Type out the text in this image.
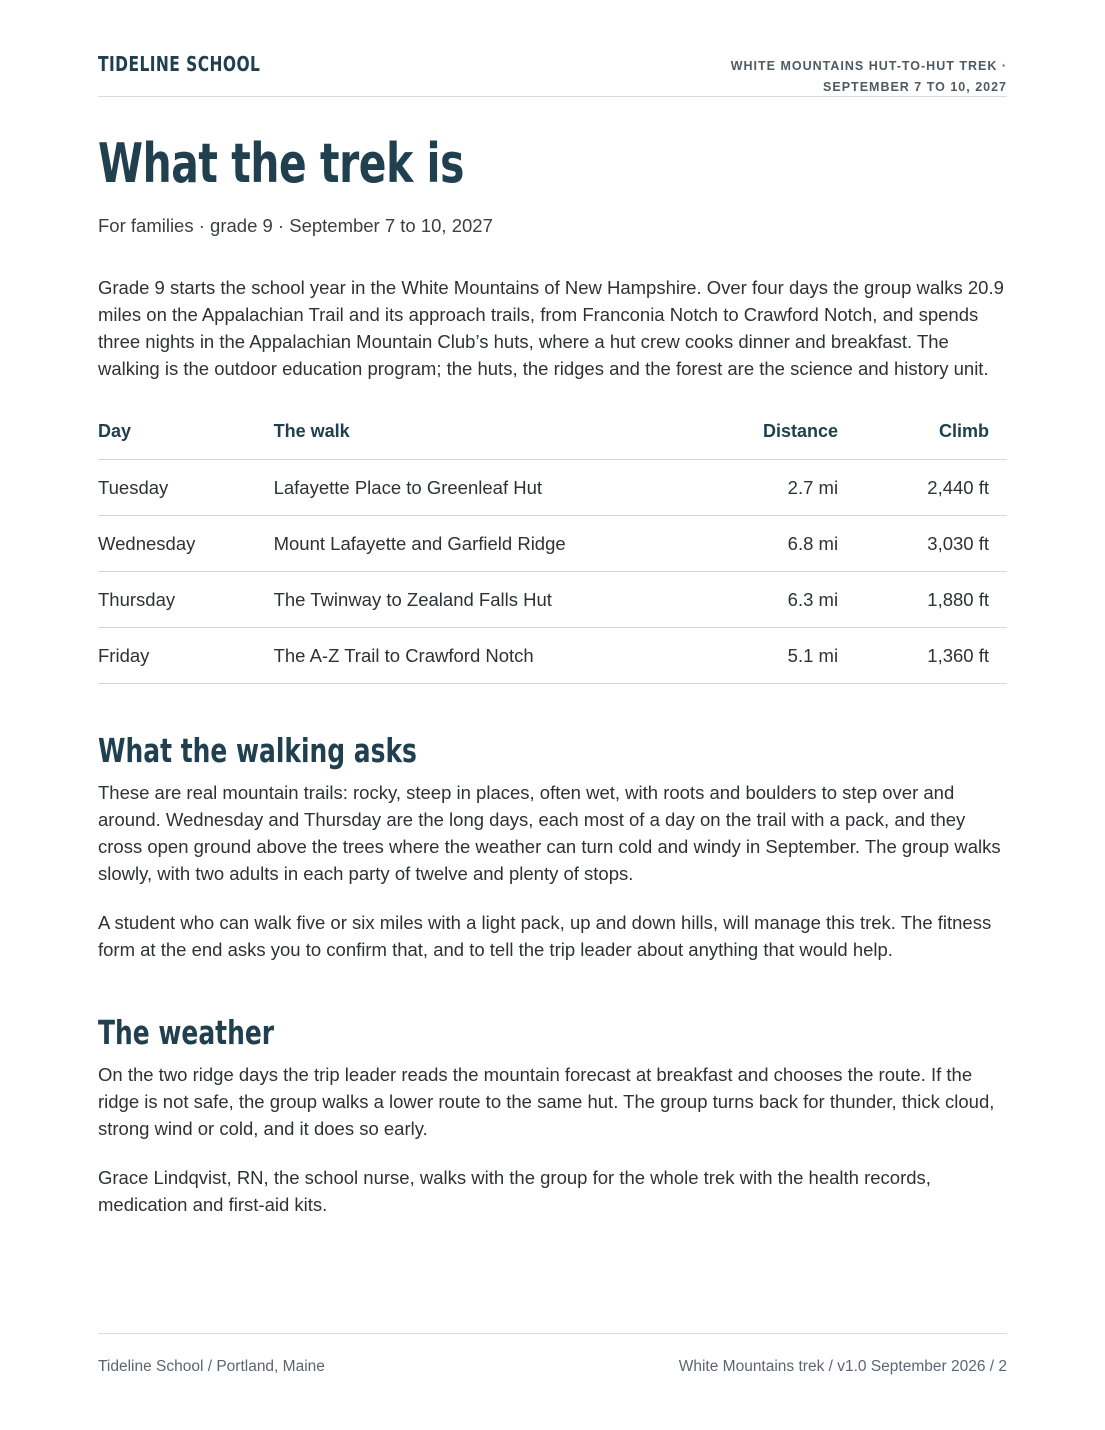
TIDELINE SCHOOL	WHITE MOUNTAINS HUT-TO-HUT TREK ·
SEPTEMBER 7 TO 10, 2027
What the trek is
For families · grade 9 · September 7 to 10, 2027

Grade 9 starts the school year in the White Mountains of New Hampshire. Over four days the group walks 20.9 miles on the Appalachian Trail and its approach trails, from Franconia Notch to Crawford Notch, and spends three nights in the Appalachian Mountain Club’s huts, where a hut crew cooks dinner and breakfast. The walking is the outdoor education program; the huts, the ridges and the forest are the science and history unit.

Day	The walk	Distance	Climb
Tuesday	Lafayette Place to Greenleaf Hut	2.7 mi	2,440 ft
Wednesday	Mount Lafayette and Garfield Ridge	6.8 mi	3,030 ft
Thursday	The Twinway to Zealand Falls Hut	6.3 mi	1,880 ft
Friday	The A-Z Trail to Crawford Notch	5.1 mi	1,360 ft
What the walking asks

These are real mountain trails: rocky, steep in places, often wet, with roots and boulders to step over and around. Wednesday and Thursday are the long days, each most of a day on the trail with a pack, and they cross open ground above the trees where the weather can turn cold and windy in September. The group walks slowly, with two adults in each party of twelve and plenty of stops.

A student who can walk five or six miles with a light pack, up and down hills, will manage this trek. The fitness form at the end asks you to confirm that, and to tell the trip leader about anything that would help.

The weather

On the two ridge days the trip leader reads the mountain forecast at breakfast and chooses the route. If the ridge is not safe, the group walks a lower route to the same hut. The group turns back for thunder, thick cloud, strong wind or cold, and it does so early.

Grace Lindqvist, RN, the school nurse, walks with the group for the whole trek with the health records, medication and first-aid kits.

Tideline School / Portland, Maine	White Mountains trek / v1.0 September 2026 / 2
